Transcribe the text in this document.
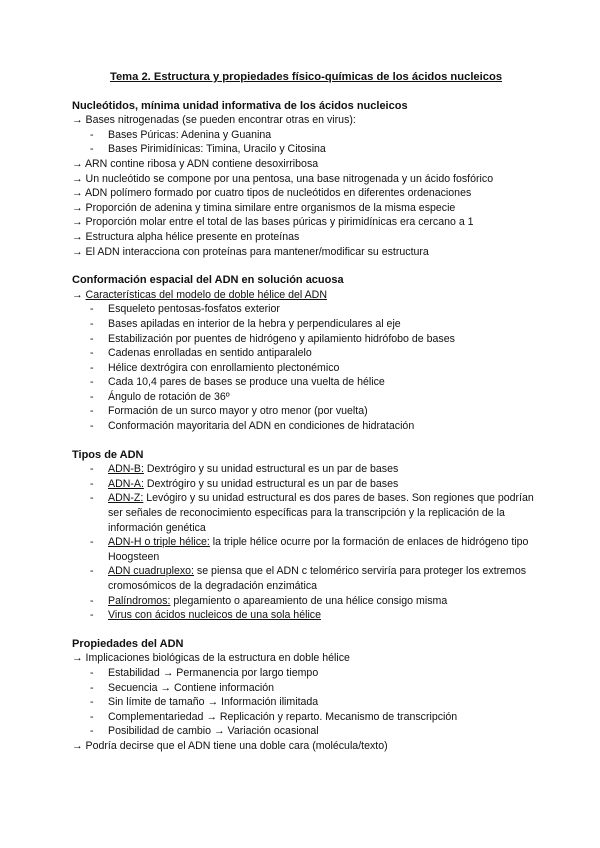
Tema 2. Estructura y propiedades físico-químicas de los ácidos nucleicos
Nucleótidos, mínima unidad informativa de los ácidos nucleicos
→ Bases nitrogenadas (se pueden encontrar otras en virus):
-	Bases Púricas: Adenina y Guanina
-	Bases Pirimidínicas: Timina, Uracilo y Citosina
→ ARN contine ribosa y ADN contiene desoxirribosa
→ Un nucleótido se compone por una pentosa, una base nitrogenada y un ácido fosfórico
→ ADN polímero formado por cuatro tipos de nucleótidos en diferentes ordenaciones
→ Proporción de adenina y timina similare entre organismos de la misma especie
→ Proporción molar entre el total de las bases púricas y pirimidínicas era cercano a 1
→ Estructura alpha hélice presente en proteínas
→ El ADN interacciona con proteínas para mantener/modificar su estructura
Conformación espacial del ADN en solución acuosa
→ Características del modelo de doble hélice del ADN
-	Esqueleto pentosas-fosfatos exterior
-	Bases apiladas en interior de la hebra y perpendiculares al eje
-	Estabilización por puentes de hidrógeno y apilamiento hidrófobo de bases
-	Cadenas enrolladas en sentido antiparalelo
-	Hélice dextrógira con enrollamiento plectonémico
-	Cada 10,4 pares de bases se produce una vuelta de hélice
-	Ángulo de rotación de 36º
-	Formación de un surco mayor y otro menor (por vuelta)
-	Conformación mayoritaria del ADN en condiciones de hidratación
Tipos de ADN
-	ADN-B: Dextrógiro y su unidad estructural es un par de bases
-	ADN-A: Dextrógiro y su unidad estructural es un par de bases
-	ADN-Z: Levógiro y su unidad estructural es dos pares de bases. Son regiones que podrían ser señales de reconocimiento específicas para la transcripción y la replicación de la información genética
-	ADN-H o triple hélice: la triple hélice ocurre por la formación de enlaces de hidrógeno tipo Hoogsteen
-	ADN cuadruplexo: se piensa que el ADN c telomérico serviría para proteger los extremos cromosómicos de la degradación enzimática
-	Palíndromos: plegamiento o apareamiento de una hélice consigo misma
-	Virus con ácidos nucleicos de una sola hélice
Propiedades del ADN
→ Implicaciones biológicas de la estructura en doble hélice
-	Estabilidad → Permanencia por largo tiempo
-	Secuencia → Contiene información
-	Sin límite de tamaño → Información ilimitada
-	Complementariedad → Replicación y reparto. Mecanismo de transcripción
-	Posibilidad de cambio → Variación ocasional
→ Podría decirse que el ADN tiene una doble cara (molécula/texto)
